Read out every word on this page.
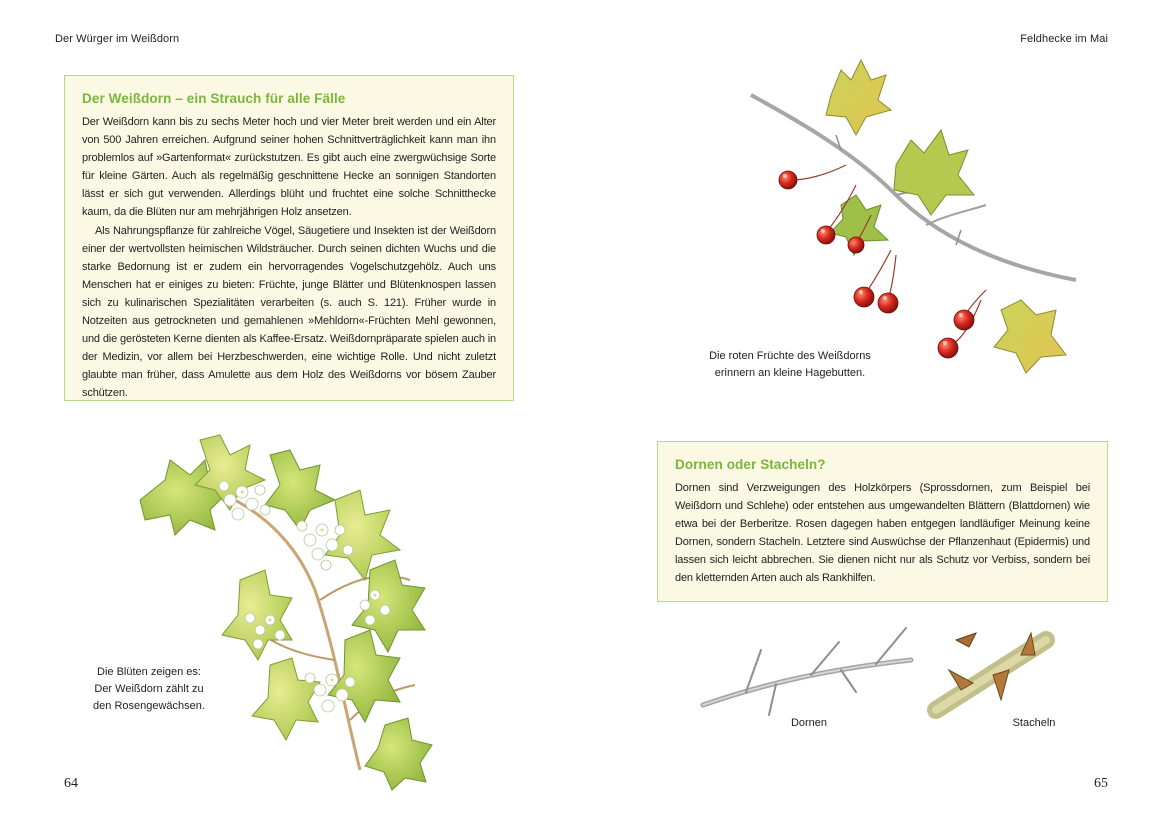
Der Würger im Weißdorn
Der Weißdorn – ein Strauch für alle Fälle

Der Weißdorn kann bis zu sechs Meter hoch und vier Meter breit werden und ein Alter von 500 Jahren erreichen. Aufgrund seiner hohen Schnittverträglichkeit kann man ihn problemlos auf »Gartenformat« zurückstutzen. Es gibt auch eine zwergwüchsige Sorte für kleine Gärten. Auch als regelmäßig geschnittene Hecke an sonnigen Standorten lässt er sich gut verwenden. Allerdings blüht und fruchtet eine solche Schnitthecke kaum, da die Blüten nur am mehrjährigen Holz ansetzen.

Als Nahrungspflanze für zahlreiche Vögel, Säugetiere und Insekten ist der Weißdorn einer der wertvollsten heimischen Wildsträucher. Durch seinen dichten Wuchs und die starke Bedornung ist er zudem ein hervorragendes Vogelschutzgehölz. Auch uns Menschen hat er einiges zu bieten: Früchte, junge Blätter und Blütenknospen lassen sich zu kulinarischen Spezialitäten verarbeiten (s. auch S. 121). Früher wurde in Notzeiten aus getrockneten und gemahlenen »Mehldorn«-Früchten Mehl gewonnen, und die gerösteten Kerne dienten als Kaffee-Ersatz. Weißdornpräparate spielen auch in der Medizin, vor allem bei Herzbeschwerden, eine wichtige Rolle. Und nicht zuletzt glaubte man früher, dass Amulette aus dem Holz des Weißdorns vor bösem Zauber schützen.

Die Blüten zeigen es:
Der Weißdorn zählt zu
den Rosengewächsen.
64
Feldhecke im Mai
Die roten Früchte des Weißdorns
erinnern an kleine Hagebutten.
Dornen oder Stacheln?

Dornen sind Verzweigungen des Holzkörpers (Sprossdornen, zum Beispiel bei Weißdorn und Schlehe) oder entstehen aus umgewandelten Blättern (Blattdornen) wie etwa bei der Berberitze. Rosen dagegen haben entgegen landläufiger Meinung keine Dornen, sondern Stacheln. Letztere sind Auswüchse der Pflanzenhaut (Epidermis) und lassen sich leicht abbrechen. Sie dienen nicht nur als Schutz vor Verbiss, sondern bei den kletternden Arten auch als Rankhilfen.

Dornen	Stacheln
65
